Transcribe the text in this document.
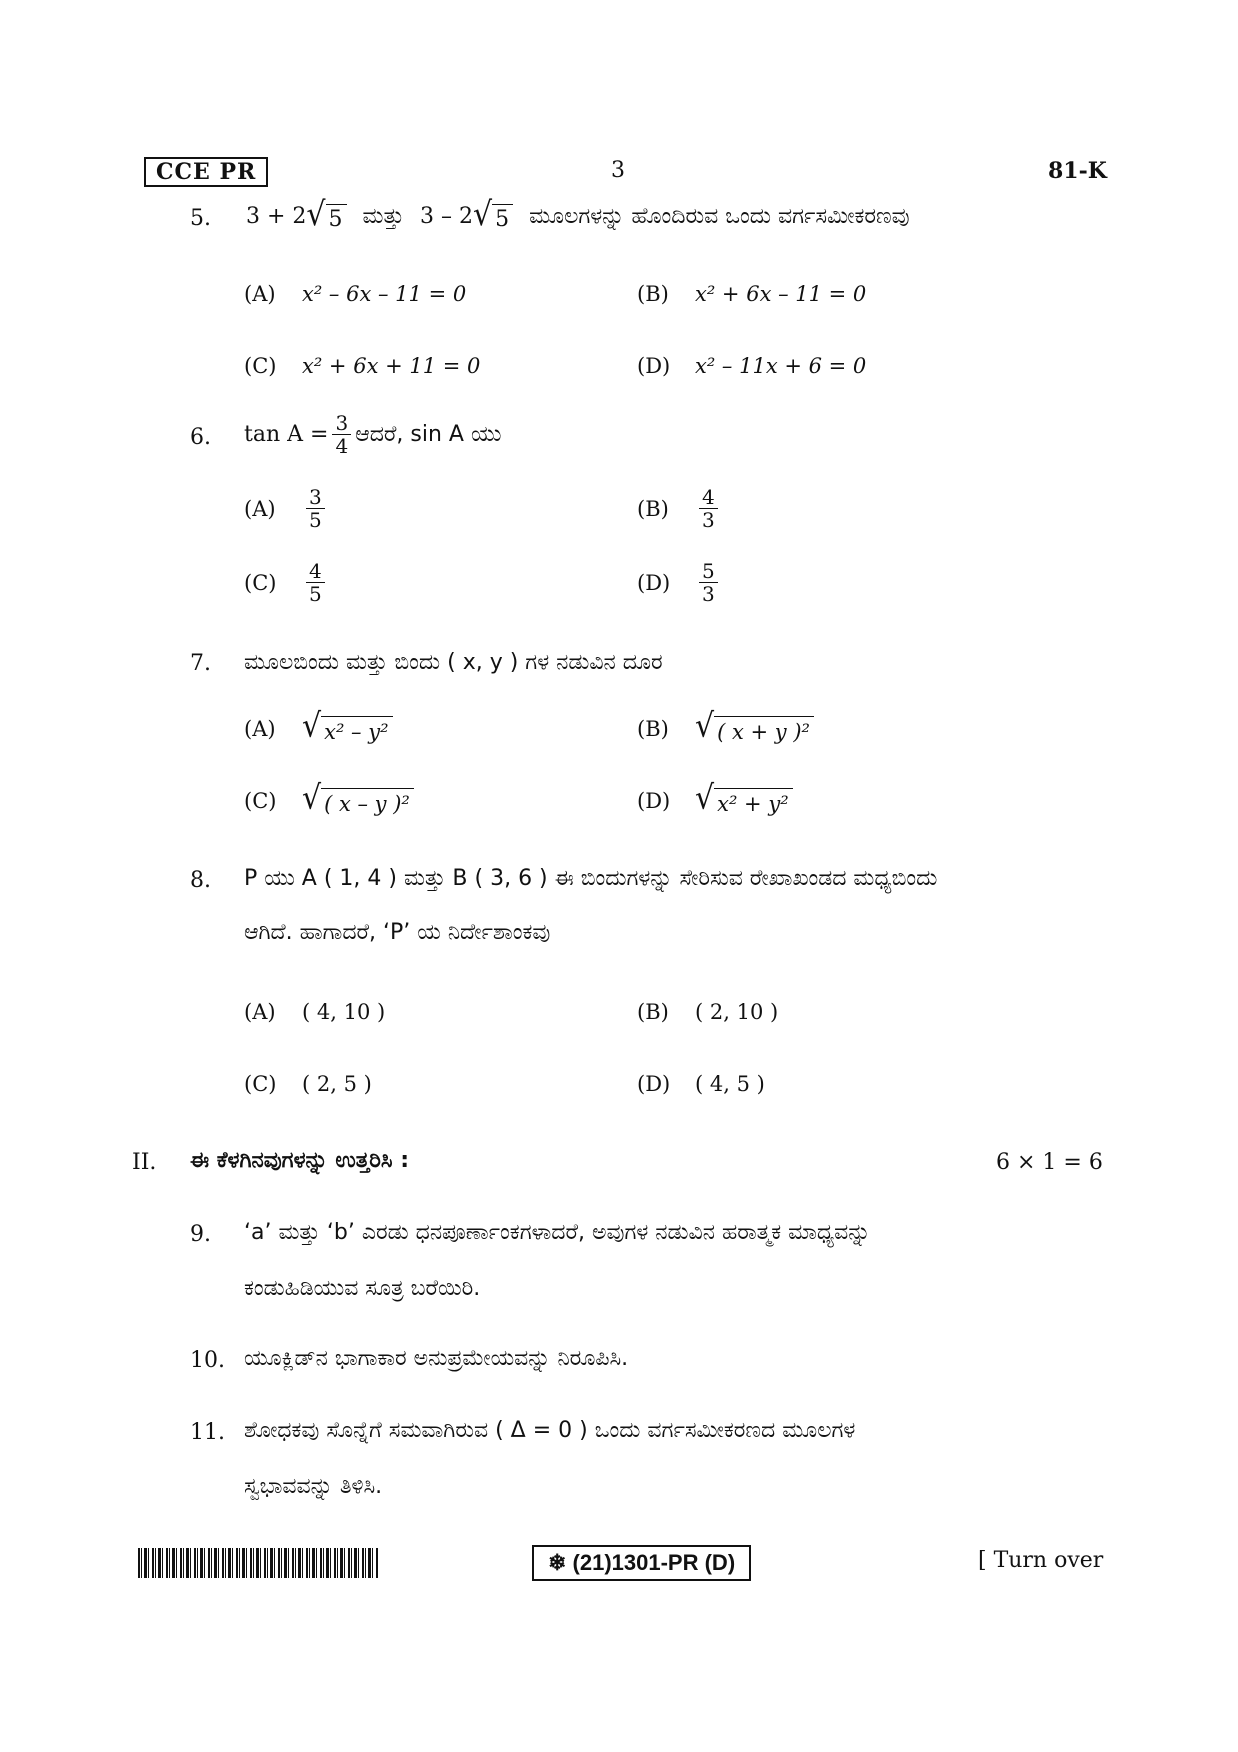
CCE PR	3	81-K
5. 3 + 2 √ 5 ಮತ್ತು 3 – 2 √ 5 ಮೂಲಗಳನ್ನು ಹೊಂದಿರುವ ಒಂದು ವರ್ಗಸಮೀಕರಣವು
(A)	x² – 6x – 11 = 0	(B)	x² + 6x – 11 = 0
(C)	x² + 6x + 11 = 0	(D)	x² – 11x + 6 = 0
6. $\tan A = \frac{3}{4}$ ಆದರೆ, sin A ಯು
(A)	$\frac{3}{5}$	(B)	$\frac{4}{3}$
(C)	$\frac{4}{5}$	(D)	$\frac{5}{3}$
7. ಮೂಲಬಿಂದು ಮತ್ತು ಬಿಂದು ( x, y ) ಗಳ ನಡುವಿನ ದೂರ
(A) √ x² – y²	(B) √ ( x + y )²
(C) √ ( x – y )²	(D) √ x² + y²
8. P ಯು A ( 1, 4 ) ಮತ್ತು B ( 3, 6 ) ಈ ಬಿಂದುಗಳನ್ನು ಸೇರಿಸುವ ರೇಖಾಖಂಡದ ಮಧ್ಯಬಿಂದು
ಆಗಿದೆ. ಹಾಗಾದರೆ, ‘P’ ಯ ನಿರ್ದೇಶಾಂಕವು
(A)	( 4, 10 )	(B)	( 2, 10 )
(C)	( 2, 5 )	(D)	( 4, 5 )
II. ಈ ಕೆಳಗಿನವುಗಳನ್ನು ಉತ್ತರಿಸಿ :	6 × 1 = 6
9. ‘a’ ಮತ್ತು ‘b’ ಎರಡು ಧನಪೂರ್ಣಾಂಕಗಳಾದರೆ, ಅವುಗಳ ನಡುವಿನ ಹರಾತ್ಮಕ ಮಾಧ್ಯವನ್ನು
ಕಂಡುಹಿಡಿಯುವ ಸೂತ್ರ ಬರೆಯಿರಿ.
10. ಯೂಕ್ಲಿಡ್‌ನ ಭಾಗಾಕಾರ ಅನುಪ್ರಮೇಯವನ್ನು ನಿರೂಪಿಸಿ.
11. ಶೋಧಕವು ಸೊನ್ನೆಗೆ ಸಮವಾಗಿರುವ ( Δ = 0 ) ಒಂದು ವರ್ಗಸಮೀಕರಣದ ಮೂಲಗಳ
ಸ್ವಭಾವವನ್ನು ತಿಳಿಸಿ.
❄ (21)1301-PR (D)	[ Turn over
